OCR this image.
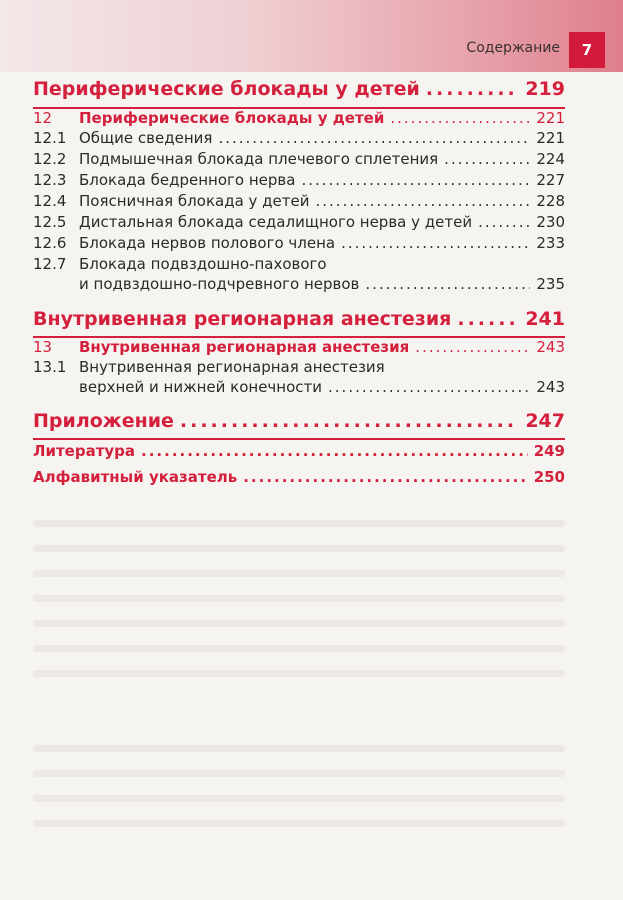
Содержание	7
Периферические блокады у детей .....	219
12	Периферические блокады у детей .....	221
12.1 Общие сведения .....	221
12.2 Подмышечная блокада плечевого сплетения .....	224
12.3 Блокада бедренного нерва .....	227
12.4 Поясничная блокада у детей .....	228
12.5 Дистальная блокада седалищного нерва у детей .....	230
12.6 Блокада нервов полового члена .....	233
12.7 Блокада подвздошно-пахового
и подвздошно-подчревного нервов .....	235
Внутривенная регионарная анестезия .....	241
13	Внутривенная регионарная анестезия .....	243
13.1 Внутривенная регионарная анестезия
верхней и нижней конечности .....	243
Приложение .....	247
Литература .....	249
Алфавитный указатель .....	250
